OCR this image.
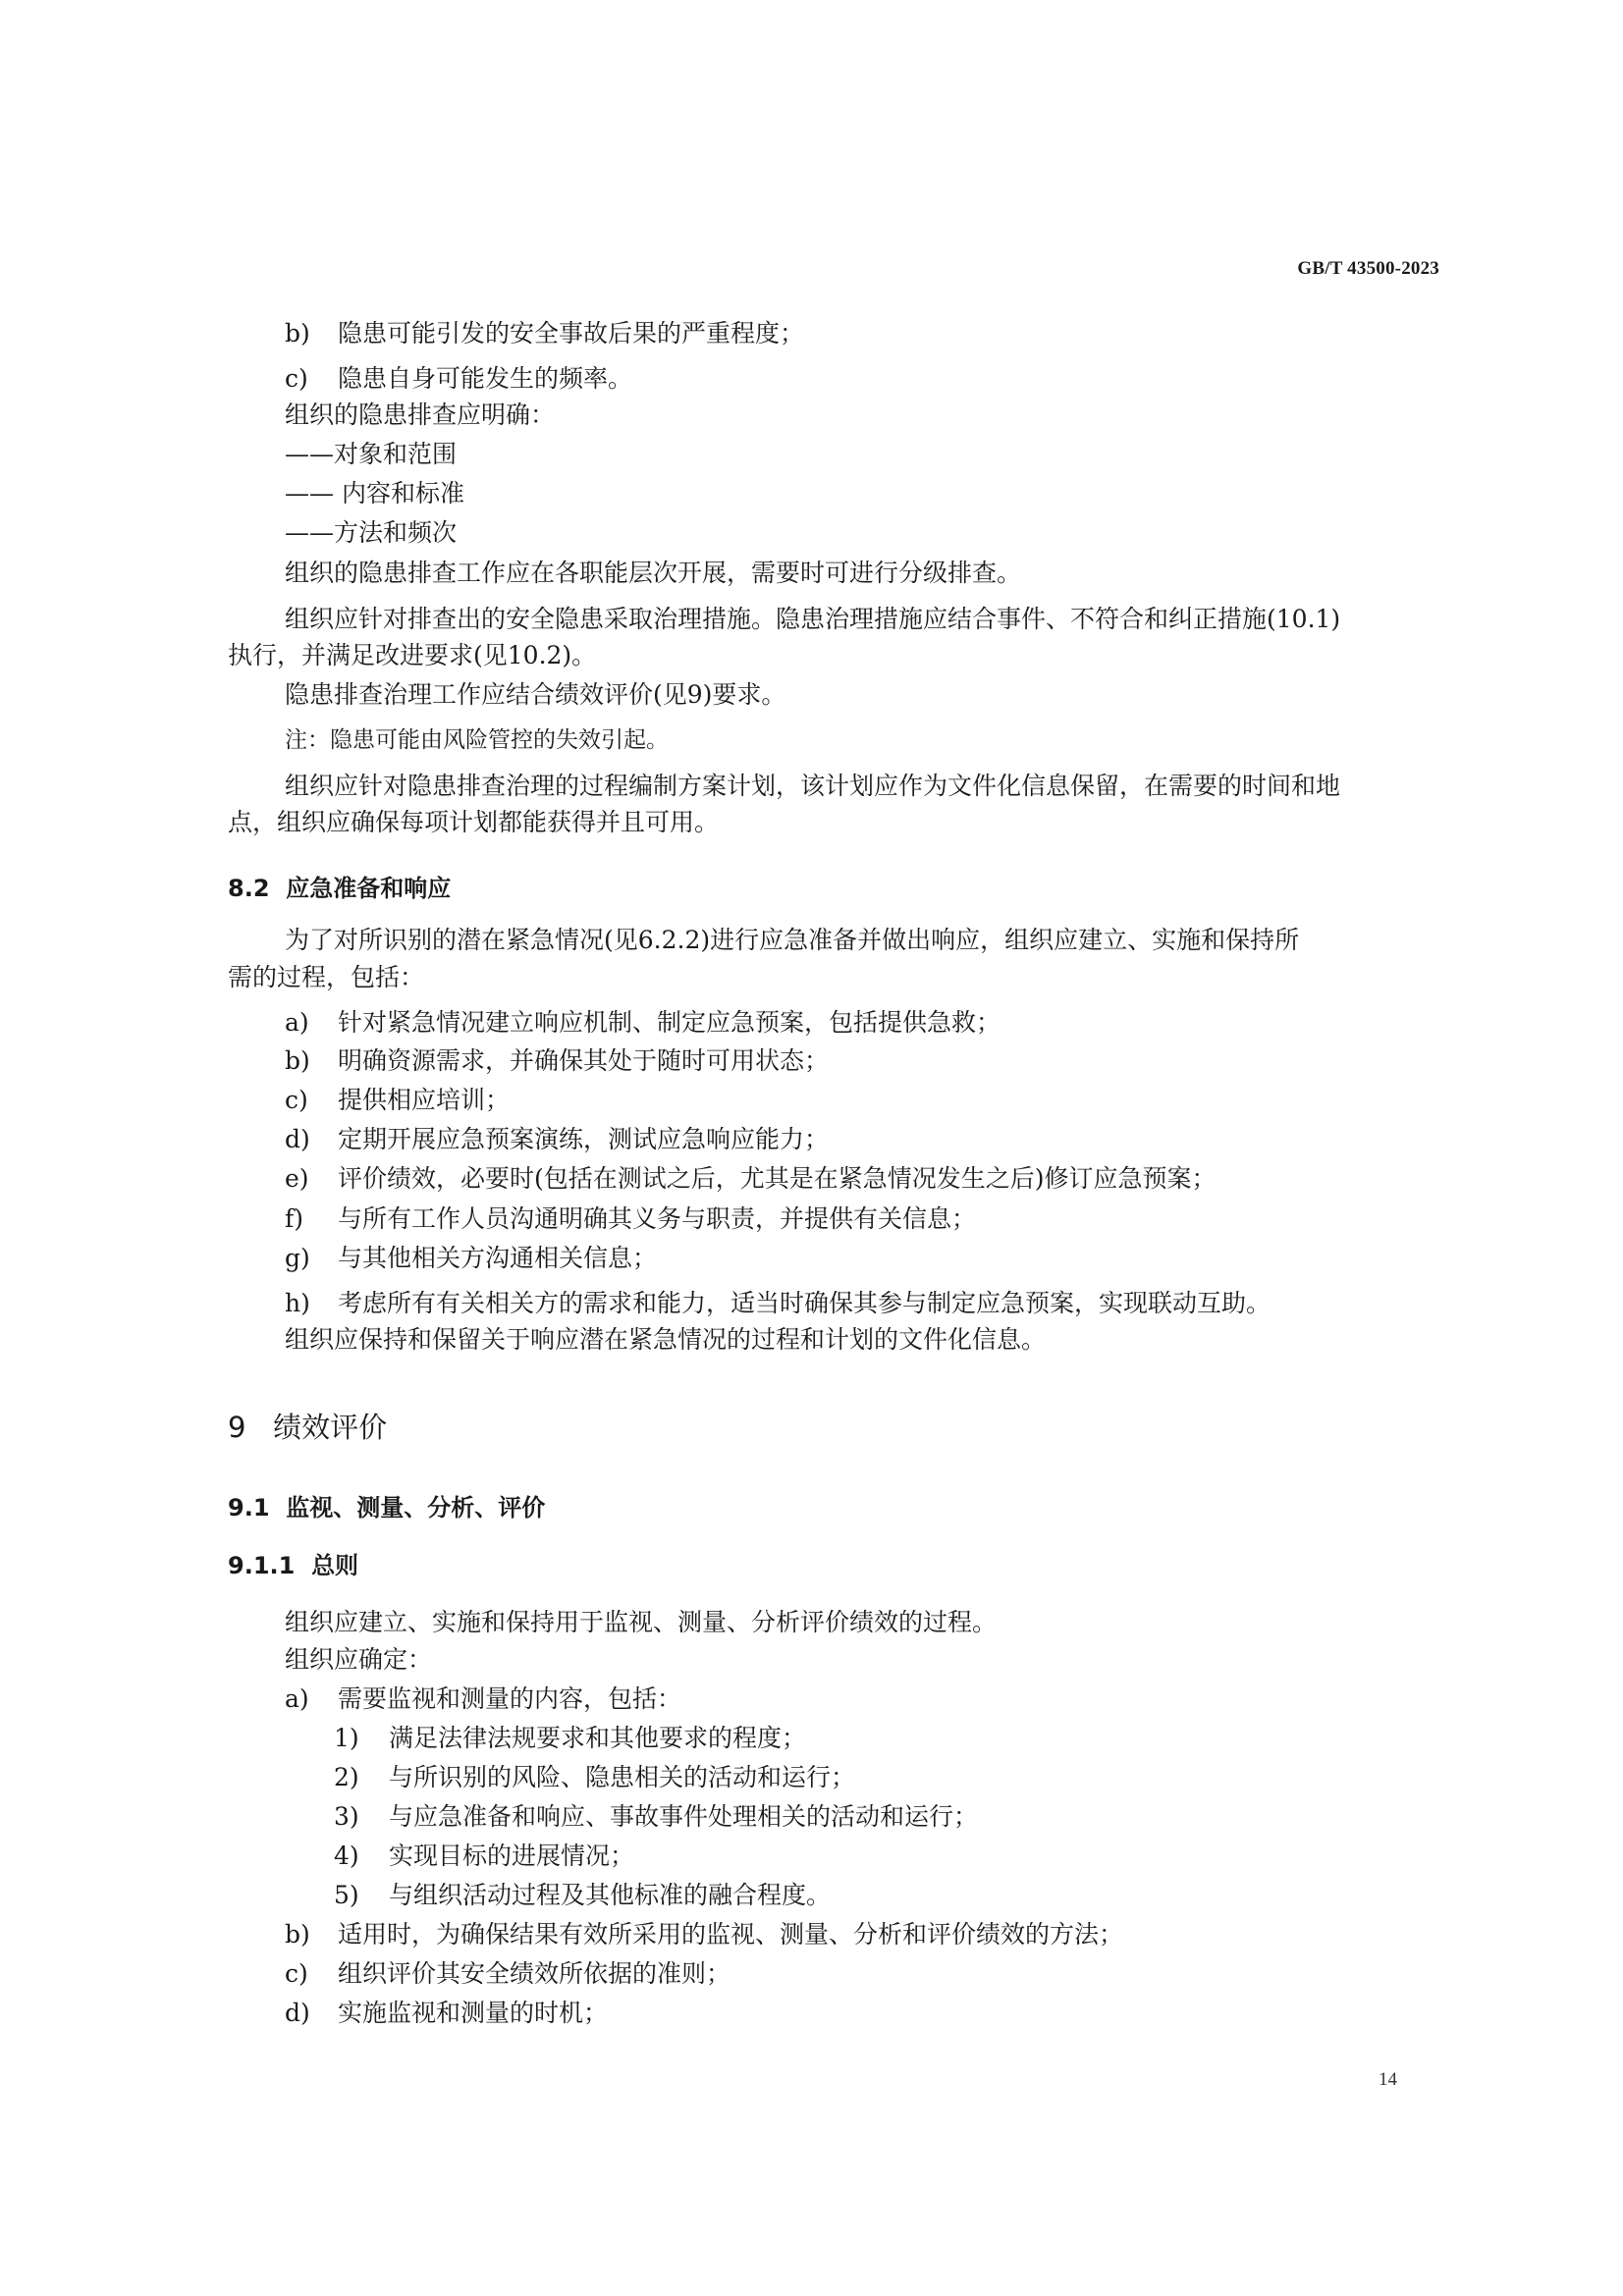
GB/T 43500-2023
b) 隐患可能引发的安全事故后果的严重程度；
c) 隐患自身可能发生的频率。
组织的隐患排查应明确：
——对象和范围
—— 内容和标准
——方法和频次
组织的隐患排查工作应在各职能层次开展，需要时可进行分级排查。
组织应针对排查出的安全隐患采取治理措施。隐患治理措施应结合事件、不符合和纠正措施(10.1)
执行，并满足改进要求(见10.2)。
隐患排查治理工作应结合绩效评价(见9)要求。
注：隐患可能由风险管控的失效引起。
组织应针对隐患排查治理的过程编制方案计划，该计划应作为文件化信息保留，在需要的时间和地
点，组织应确保每项计划都能获得并且可用。
8.2 应急准备和响应
为了对所识别的潜在紧急情况(见6.2.2)进行应急准备并做出响应，组织应建立、实施和保持所
需的过程，包括：
a) 针对紧急情况建立响应机制、制定应急预案，包括提供急救；
b) 明确资源需求，并确保其处于随时可用状态；
c) 提供相应培训；
d) 定期开展应急预案演练，测试应急响应能力；
e) 评价绩效，必要时(包括在测试之后，尤其是在紧急情况发生之后)修订应急预案；
f) 与所有工作人员沟通明确其义务与职责，并提供有关信息；
g) 与其他相关方沟通相关信息；
h) 考虑所有有关相关方的需求和能力，适当时确保其参与制定应急预案，实现联动互助。
组织应保持和保留关于响应潜在紧急情况的过程和计划的文件化信息。
9 绩效评价
9.1 监视、测量、分析、评价
9.1.1 总则
组织应建立、实施和保持用于监视、测量、分析评价绩效的过程。
组织应确定：
a) 需要监视和测量的内容，包括：
1) 满足法律法规要求和其他要求的程度；
2) 与所识别的风险、隐患相关的活动和运行；
3) 与应急准备和响应、事故事件处理相关的活动和运行；
4) 实现目标的进展情况；
5) 与组织活动过程及其他标准的融合程度。
b) 适用时，为确保结果有效所采用的监视、测量、分析和评价绩效的方法；
c) 组织评价其安全绩效所依据的准则；
d) 实施监视和测量的时机；
14
